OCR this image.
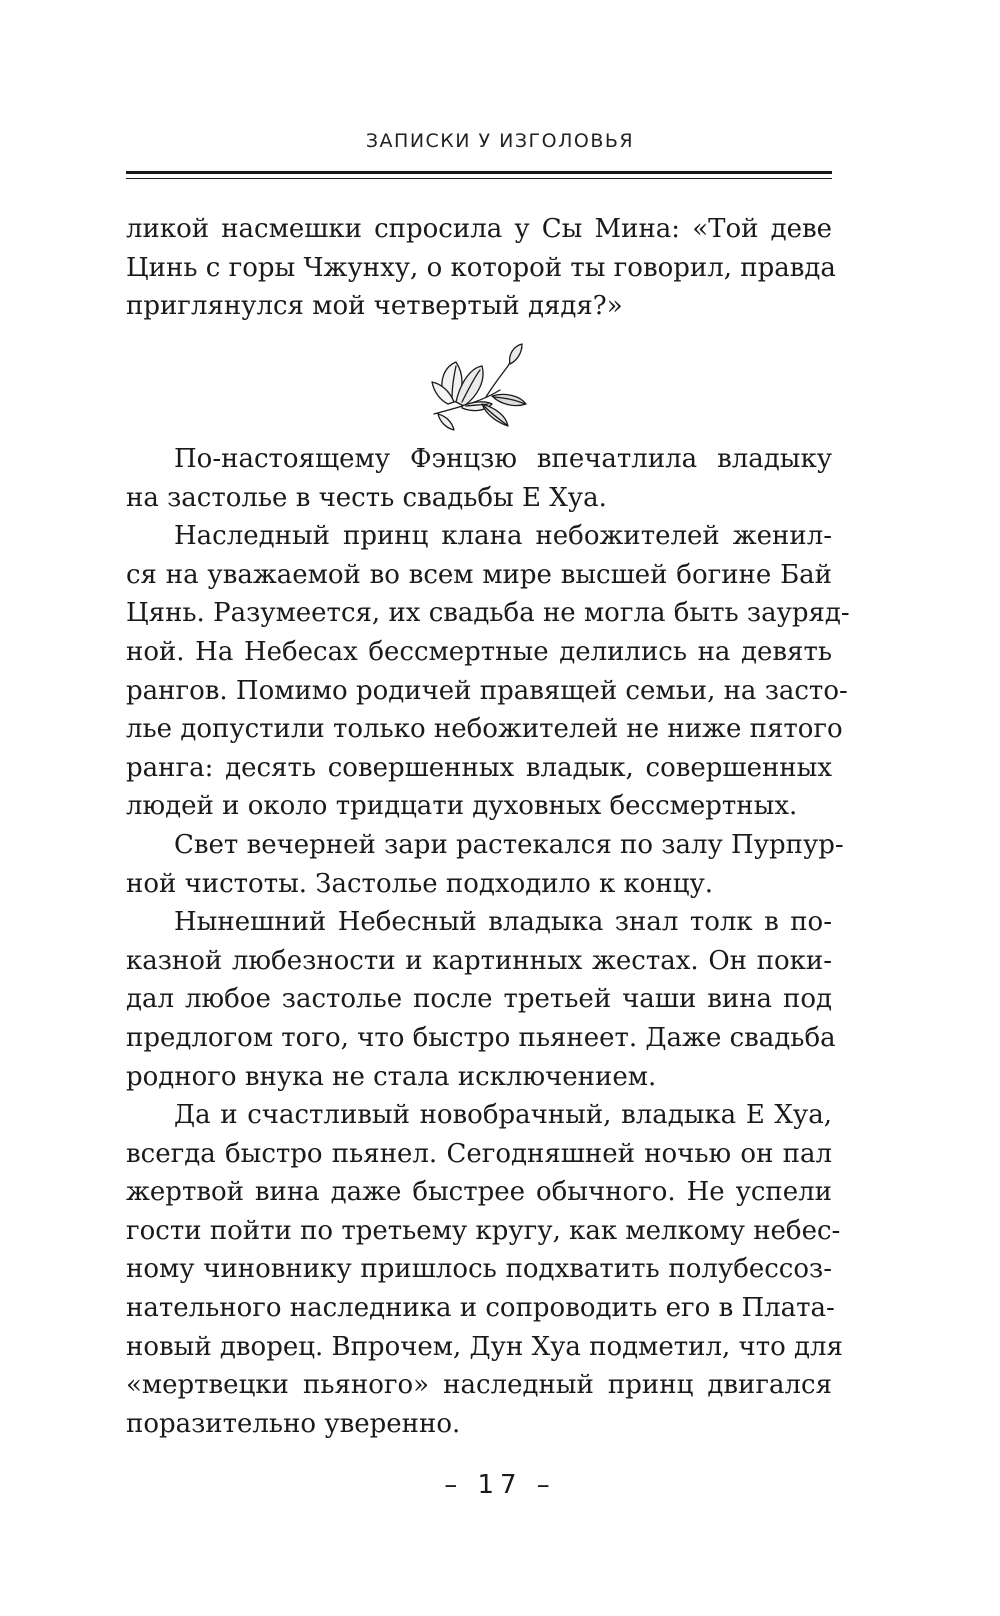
ЗАПИСКИ У ИЗГОЛОВЬЯ
ликой насмешки спросила у Сы Мина: «Той деве
Цинь с горы Чжунху, о которой ты говорил, правда
приглянулся мой четвертый дядя?»
По-настоящему Фэнцзю впечатлила владыку
на застолье в честь свадьбы Е Хуа.
Наследный принц клана небожителей женил-
ся на уважаемой во всем мире высшей богине Бай
Цянь. Разумеется, их свадьба не могла быть зауряд-
ной. На Небесах бессмертные делились на девять
рангов. Помимо родичей правящей семьи, на засто-
лье допустили только небожителей не ниже пятого
ранга: десять совершенных владык, совершенных
людей и около тридцати духовных бессмертных.
Свет вечерней зари растекался по залу Пурпур-
ной чистоты. Застолье подходило к концу.
Нынешний Небесный владыка знал толк в по-
казной любезности и картинных жестах. Он поки-
дал любое застолье после третьей чаши вина под
предлогом того, что быстро пьянеет. Даже свадьба
родного внука не стала исключением.
Да и счастливый новобрачный, владыка Е Хуа,
всегда быстро пьянел. Сегодняшней ночью он пал
жертвой вина даже быстрее обычного. Не успели
гости пойти по третьему кругу, как мелкому небес-
ному чиновнику пришлось подхватить полубессоз-
нательного наследника и сопроводить его в Плата-
новый дворец. Впрочем, Дун Хуа подметил, что для
«мертвецки пьяного» наследный принц двигался
поразительно уверенно.
– 17 –
